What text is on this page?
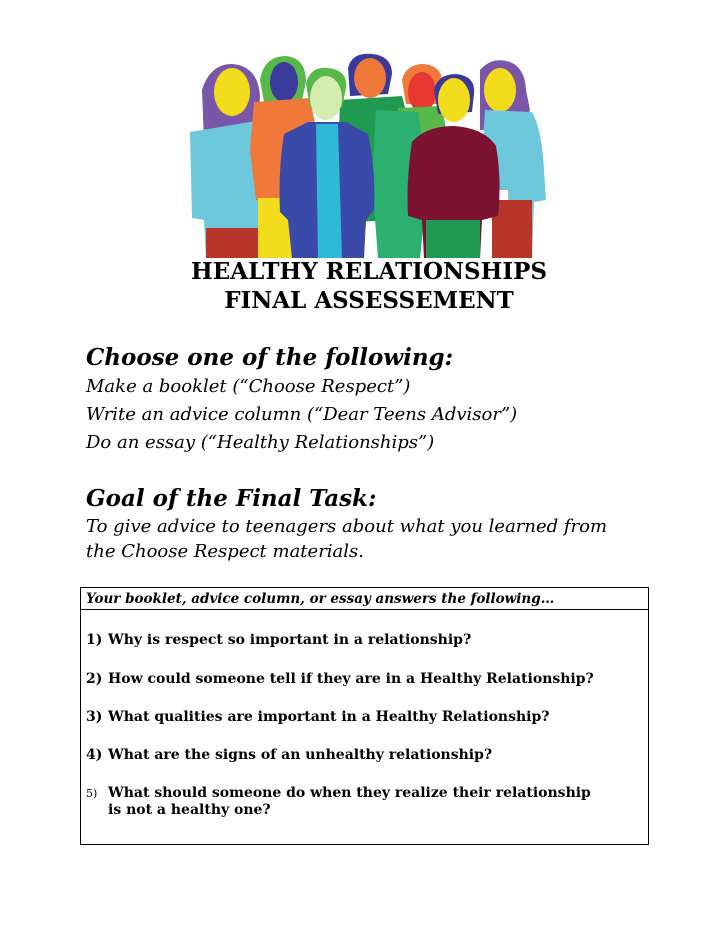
HEALTHY RELATIONSHIPS
FINAL ASSESSEMENT

Choose one of the following:

Make a booklet (“Choose Respect”)

Write an advice column (“Dear Teens Advisor”)

Do an essay (“Healthy Relationships”)

Goal of the Final Task:

To give advice to teenagers about what you learned from

the Choose Respect materials.

Your booklet, advice column, or essay answers the following…

1) Why is respect so important in a relationship?

2) How could someone tell if they are in a Healthy Relationship?

3) What qualities are important in a Healthy Relationship?

4) What are the signs of an unhealthy relationship?

5) What should someone do when they realize their relationship
is not a healthy one?
